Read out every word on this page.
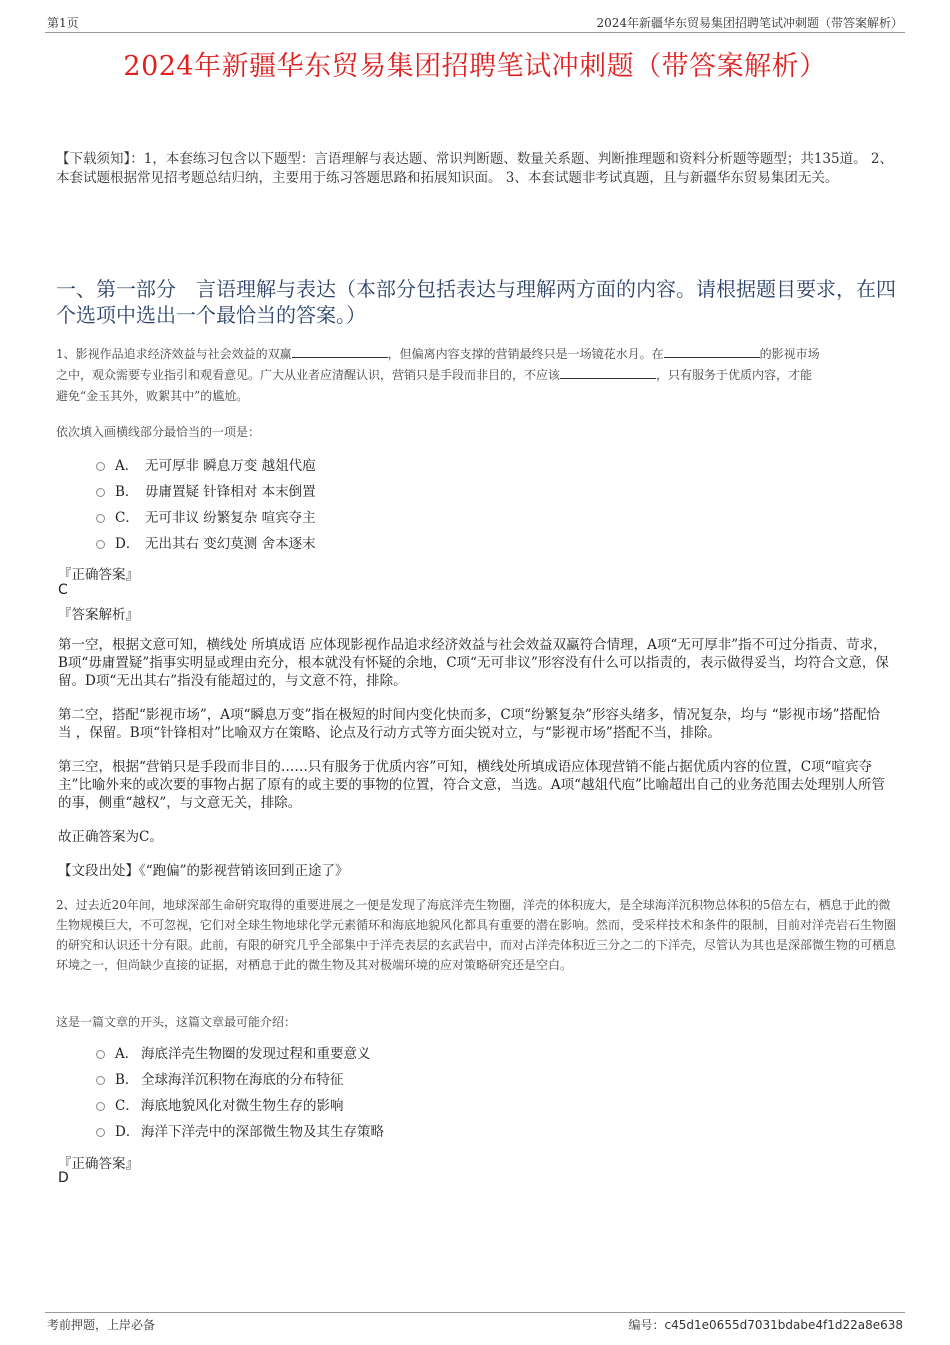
第1页	2024年新疆华东贸易集团招聘笔试冲刺题（带答案解析）
2024年新疆华东贸易集团招聘笔试冲刺题（带答案解析）
【下载须知】：1，本套练习包含以下题型：言语理解与表达题、常识判断题、数量关系题、判断推理题和资料分析题等题型；共135道。 2、本套试题根据常见招考题总结归纳，主要用于练习答题思路和拓展知识面。 3、本套试题非考试真题，且与新疆华东贸易集团无关。
一、第一部分　言语理解与表达（本部分包括表达与理解两方面的内容。请根据题目要求，在四个选项中选出一个最恰当的答案。）
1、影视作品追求经济效益与社会效益的双赢	，但偏离内容支撑的营销最终只是一场镜花水月。在	的影视市场
之中，观众需要专业指引和观看意见。广大从业者应清醒认识，营销只是手段而非目的，不应该	，只有服务于优质内容，才能
避免“金玉其外，败絮其中”的尴尬。
依次填入画横线部分最恰当的一项是：
A． 无可厚非 瞬息万变 越俎代庖
B． 毋庸置疑 针锋相对 本末倒置
C． 无可非议 纷繁复杂 喧宾夺主
D． 无出其右 变幻莫测 舍本逐末
『正确答案』
C
『答案解析』
第一空，根据文意可知，横线处 所填成语 应体现影视作品追求经济效益与社会效益双赢符合情理，A项“无可厚非”指不可过分指责、苛求，B项“毋庸置疑”指事实明显或理由充分，根本就没有怀疑的余地，C项“无可非议”形容没有什么可以指责的，表示做得妥当，均符合文意，保留。D项“无出其右”指没有能超过的，与文意不符，排除。
第二空，搭配“影视市场”，A项“瞬息万变”指在极短的时间内变化快而多，C项“纷繁复杂”形容头绪多，情况复杂，均与 “影视市场”搭配恰当 ，保留。B项“针锋相对”比喻双方在策略、论点及行动方式等方面尖锐对立，与“影视市场”搭配不当，排除。
第三空，根据“营销只是手段而非目的……只有服务于优质内容”可知，横线处所填成语应体现营销不能占据优质内容的位置，C项“喧宾夺主”比喻外来的或次要的事物占据了原有的或主要的事物的位置，符合文意，当选。A项“越俎代庖”比喻超出自己的业务范围去处理别人所管的事，侧重“越权”，与文意无关，排除。
故正确答案为C。
【文段出处】《“跑偏”的影视营销该回到正途了》
2、过去近20年间，地球深部生命研究取得的重要进展之一便是发现了海底洋壳生物圈，洋壳的体积庞大，是全球海洋沉积物总体积的5倍左右，栖息于此的微生物规模巨大，不可忽视，它们对全球生物地球化学元素循环和海底地貌风化都具有重要的潜在影响。然而，受采样技术和条件的限制，目前对洋壳岩石生物圈的研究和认识还十分有限。此前，有限的研究几乎全部集中于洋壳表层的玄武岩中，而对占洋壳体积近三分之二的下洋壳，尽管认为其也是深部微生物的可栖息环境之一，但尚缺少直接的证据，对栖息于此的微生物及其对极端环境的应对策略研究还是空白。
这是一篇文章的开头，这篇文章最可能介绍：
A． 海底洋壳生物圈的发现过程和重要意义
B． 全球海洋沉积物在海底的分布特征
C． 海底地貌风化对微生物生存的影响
D． 海洋下洋壳中的深部微生物及其生存策略
『正确答案』
D
考前押题，上岸必备	编号：c45d1e0655d7031bdabe4f1d22a8e638
